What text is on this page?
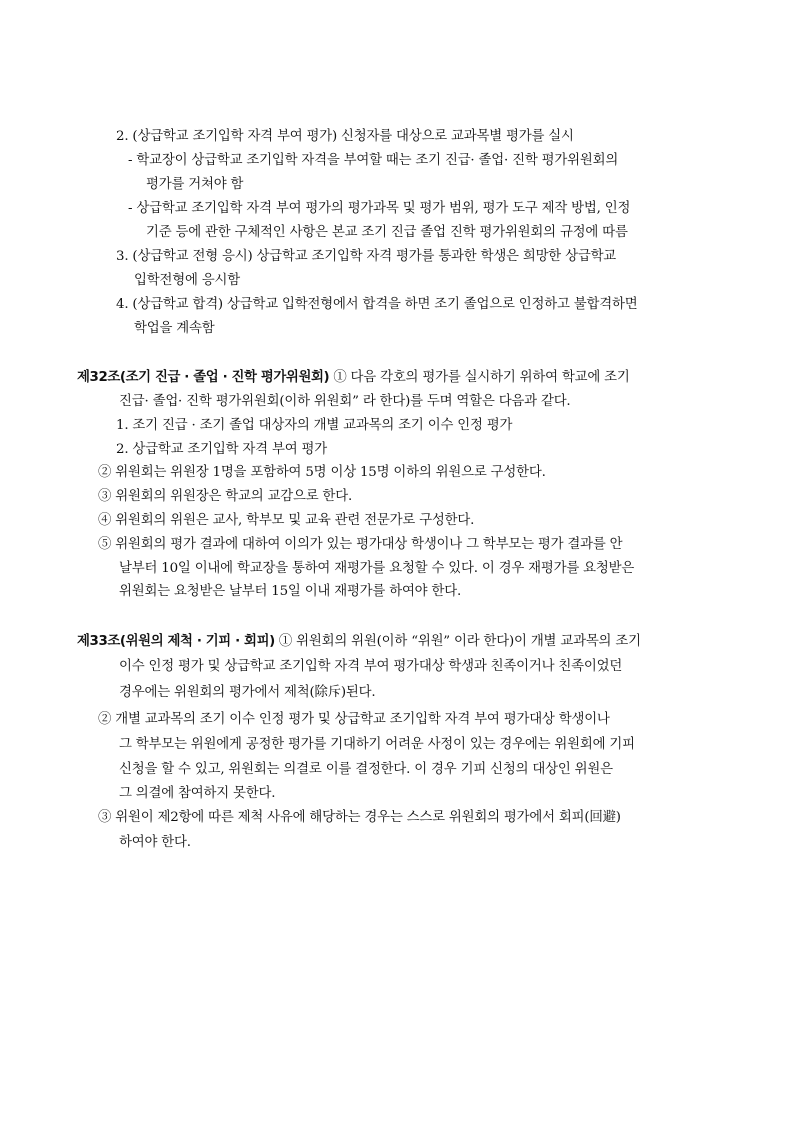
2. (상급학교 조기입학 자격 부여 평가) 신청자를 대상으로 교과목별 평가를 실시
- 학교장이 상급학교 조기입학 자격을 부여할 때는 조기 진급· 졸업· 진학 평가위원회의
평가를 거쳐야 함
- 상급학교 조기입학 자격 부여 평가의 평가과목 및 평가 범위, 평가 도구 제작 방법, 인정
기준 등에 관한 구체적인 사항은 본교 조기 진급 졸업 진학 평가위원회의 규정에 따름
3. (상급학교 전형 응시) 상급학교 조기입학 자격 평가를 통과한 학생은 희망한 상급학교
입학전형에 응시함
4. (상급학교 합격) 상급학교 입학전형에서 합격을 하면 조기 졸업으로 인정하고 불합격하면
학업을 계속함
제32조(조기 진급 · 졸업 · 진학 평가위원회) ① 다음 각호의 평가를 실시하기 위하여 학교에 조기
진급· 졸업· 진학 평가위원회(이하 위원회” 라 한다)를 두며 역할은 다음과 같다.
1. 조기 진급 · 조기 졸업 대상자의 개별 교과목의 조기 이수 인정 평가
2. 상급학교 조기입학 자격 부여 평가
② 위원회는 위원장 1명을 포함하여 5명 이상 15명 이하의 위원으로 구성한다.
③ 위원회의 위원장은 학교의 교감으로 한다.
④ 위원회의 위원은 교사, 학부모 및 교육 관련 전문가로 구성한다.
⑤ 위원회의 평가 결과에 대하여 이의가 있는 평가대상 학생이나 그 학부모는 평가 결과를 안
날부터 10일 이내에 학교장을 통하여 재평가를 요청할 수 있다. 이 경우 재평가를 요청받은
위원회는 요청받은 날부터 15일 이내 재평가를 하여야 한다.
제33조(위원의 제척 · 기피 · 회피) ① 위원회의 위원(이하 “위원” 이라 한다)이 개별 교과목의 조기
이수 인정 평가 및 상급학교 조기입학 자격 부여 평가대상 학생과 친족이거나 친족이었던
경우에는 위원회의 평가에서 제척(除斥)된다.
② 개별 교과목의 조기 이수 인정 평가 및 상급학교 조기입학 자격 부여 평가대상 학생이나
그 학부모는 위원에게 공정한 평가를 기대하기 어려운 사정이 있는 경우에는 위원회에 기피
신청을 할 수 있고, 위원회는 의결로 이를 결정한다. 이 경우 기피 신청의 대상인 위원은
그 의결에 참여하지 못한다.
③ 위원이 제2항에 따른 제척 사유에 해당하는 경우는 스스로 위원회의 평가에서 회피(回避)
하여야 한다.
